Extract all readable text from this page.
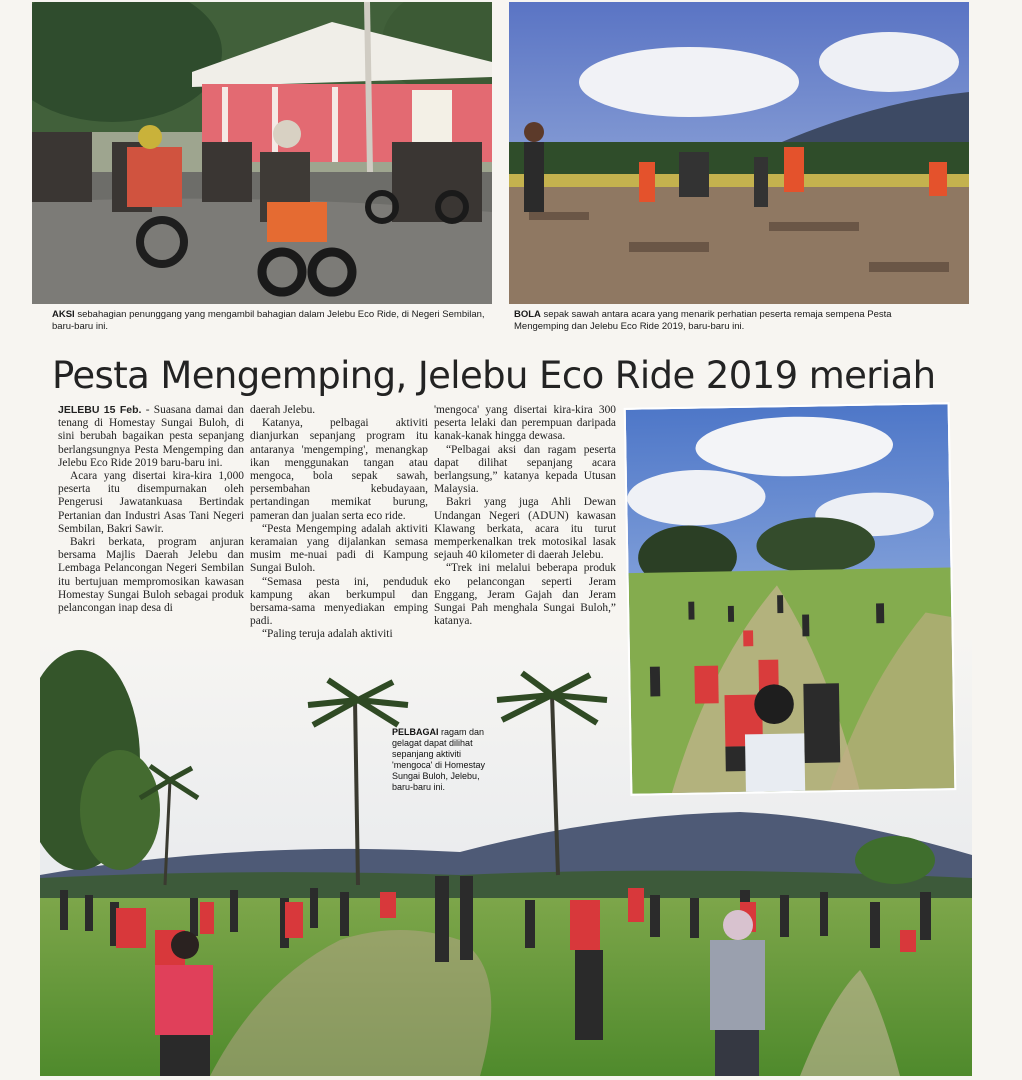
AKSI sebahagian penunggang yang mengambil bahagian dalam Jelebu Eco Ride, di Negeri Sembilan, baru-baru ini.
BOLA sepak sawah antara acara yang menarik perhatian peserta remaja sempena Pesta Mengemping dan Jelebu Eco Ride 2019, baru-baru ini.
Pesta Mengemping, Jelebu Eco Ride 2019 meriah

JELEBU 15 Feb. - Suasana damai dan tenang di Homestay Sungai Buloh, di sini berubah bagaikan pesta sepanjang berlangsungnya Pesta Mengemping dan Jelebu Eco Ride 2019 baru-baru ini.

Acara yang disertai kira-kira 1,000 peserta itu disempurnakan oleh Pengerusi Jawatankuasa Bertindak Pertanian dan Industri Asas Tani Negeri Sembilan, Bakri Sawir.

Bakri berkata, program anjuran bersama Majlis Daerah Jelebu dan Lembaga Pelancongan Negeri Sembilan itu bertujuan mempromosikan kawasan Homestay Sungai Buloh sebagai produk pelancongan inap desa di

daerah Jelebu.

Katanya, pelbagai aktiviti dianjurkan sepanjang program itu antaranya 'mengemping', menangkap ikan menggunakan tangan atau mengoca, bola sepak sawah, persembahan kebudayaan, pertandingan memikat burung, pameran dan jualan serta eco ride.

“Pesta Mengemping adalah aktiviti keramaian yang dijalankan semasa musim me-nuai padi di Kampung Sungai Buloh.

“Semasa pesta ini, penduduk kampung akan berkumpul dan bersama-sama menyediakan emping padi.

“Paling teruja adalah aktiviti

'mengoca' yang disertai kira-kira 300 peserta lelaki dan perempuan daripada kanak-kanak hingga dewasa.

“Pelbagai aksi dan ragam peserta dapat dilihat sepanjang acara berlangsung,” katanya kepada Utusan Malaysia.

Bakri yang juga Ahli Dewan Undangan Negeri (ADUN) kawasan Klawang berkata, acara itu turut memperkenalkan trek motosikal lasak sejauh 40 kilometer di daerah Jelebu.

“Trek ini melalui beberapa produk eko pelancongan seperti Jeram Enggang, Jeram Gajah dan Jeram Sungai Pah menghala Sungai Buloh,” katanya.

PELBAGAI ragam dan gelagat dapat dilihat sepanjang aktiviti 'mengoca' di Homestay Sungai Buloh, Jelebu, baru-baru ini.
